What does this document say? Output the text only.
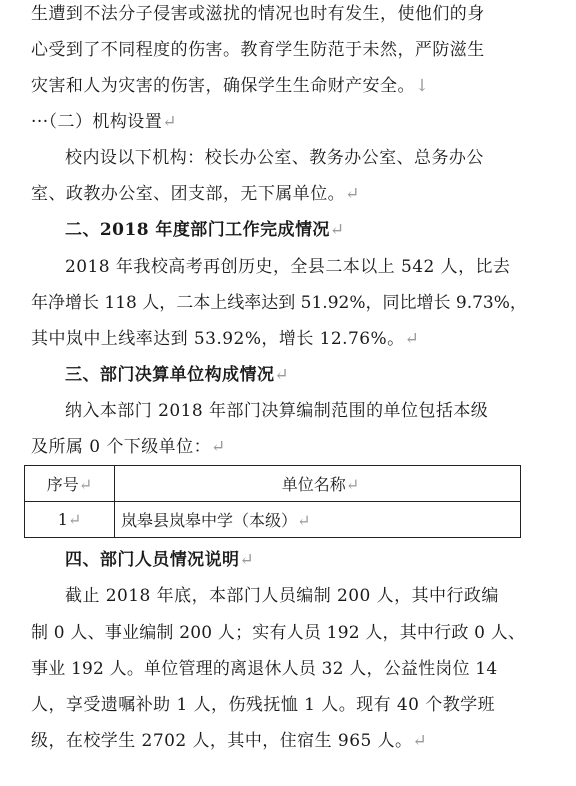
生遭到不法分子侵害或滋扰的情况也时有发生，使他们的身
心受到了不同程度的伤害。教育学生防范于未然，严防滋生
灾害和人为灾害的伤害，确保学生生命财产安全。↓
···（二）机构设置↵
校内设以下机构：校长办公室、教务办公室、总务办公
室、政教办公室、团支部，无下属单位。↵
二、2018 年度部门工作完成情况↵
2018 年我校高考再创历史，全县二本以上 542 人，比去
年净增长 118 人，二本上线率达到 51.92%，同比增长 9.73%，
其中岚中上线率达到 53.92%，增长 12.76%。↵
三、部门决算单位构成情况↵
纳入本部门 2018 年部门决算编制范围的单位包括本级
及所属 0 个下级单位：↵
序号↵	单位名称↵
1↵	岚皋县岚皋中学（本级）↵
四、部门人员情况说明↵
截止 2018 年底，本部门人员编制 200 人，其中行政编
制 0 人、事业编制 200 人；实有人员 192 人，其中行政 0 人、
事业 192 人。单位管理的离退休人员 32 人，公益性岗位 14
人，享受遗嘱补助 1 人，伤残抚恤 1 人。现有 40 个教学班
级，在校学生 2702 人，其中，住宿生 965 人。↵
